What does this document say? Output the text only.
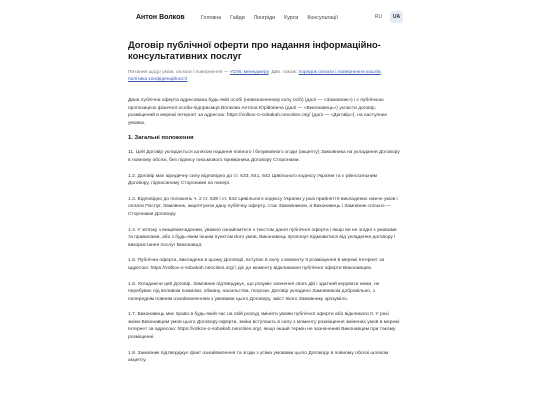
Антон Волков	Головна Гайди Лонгріди Курси Консультації	RU	UA
Договір публічної оферти про надання інформаційно-консультативних послуг
Питання щодо умов, оплати і повернення — YDW, менеджеру. Див. також: порядок оплати і повернення коштів, політика конфіденційності

Дана публічна оферта адресована будь-якій особі (невизначеному колу осіб) (далі — «Замовник») і є публічною пропозицією фізичної особи-підприємця Волкова Антона Юрійовича (далі — «Виконавець») укласти договір, розміщений в мережі Інтернет за адресою: https://volkov-o-sobakah.neocities.org/ (далі — «Договір»), на наступних умовах.

1. Загальні положення

11. Цей Договір укладається шляхом надання повного і безумовного згоди (акцепту) Замовника на укладання Договору в повному обсязі, без підпису письмового примірника Договору Сторонами.

1.2. Договір має юридичну силу відповідно до ст. 633, 641, 642 Цивільного кодексу України та є рівносильним Договору, підписаному Сторонами на папері.

1.3. Відповідно до положень ч. 2 ст. 638 і ст. 642 Цивільного кодексу України у разі прийняття викладених нижче умов і оплати Послуг, Замовник, акцептуючи дану публічну оферту, стає Замовником, а Виконавець і Замовник спільно — Сторонами Договору.

1.4. У зв'язку з вищевикладеним, уважно ознайомтеся з текстом даної публічної оферти і якщо ви не згодні з умовами та правилами, або з будь-яким іншим пунктом його умов, Виконавець пропонує відмовитися від укладення договору і використання послуг Виконавця.

1.5. Публічна оферта, викладена в цьому Договорі, вступає в силу з моменту її розміщення в мережі Інтернет за адресою: https://volkov-o-sobakah.neocities.org/ і діє до моменту відкликання публічної оферти Виконавцем.

1.6. Укладаючи цей Договір, Замовник підтверджує, що розуміє значення своїх дій і здатний керувати ними, не перебуває під впливом помилки, обману, насильства, погрози. Договір укладено Замовником добровільно, з попереднім повним ознайомленням з умовами цього Договору, зміст якого Замовнику зрозуміло.

1.7. Виконавець має право в будь-який час на свій розсуд змінити умови публічної оферти або відкликати її. У разі зміни Виконавцем умов цього Договору-оферти, зміни вступають в силу з моменту розміщення змінених умов в мережі Інтернет за адресою: https://volkov-o-sobakah.neocities.org/, якщо інший термін не зазначений Виконавцем при такому розміщенні.

1.8. Замовник підтверджує факт ознайомлення та згоди з усіма умовами цього Договору в повному обсязі шляхом акцепту.
